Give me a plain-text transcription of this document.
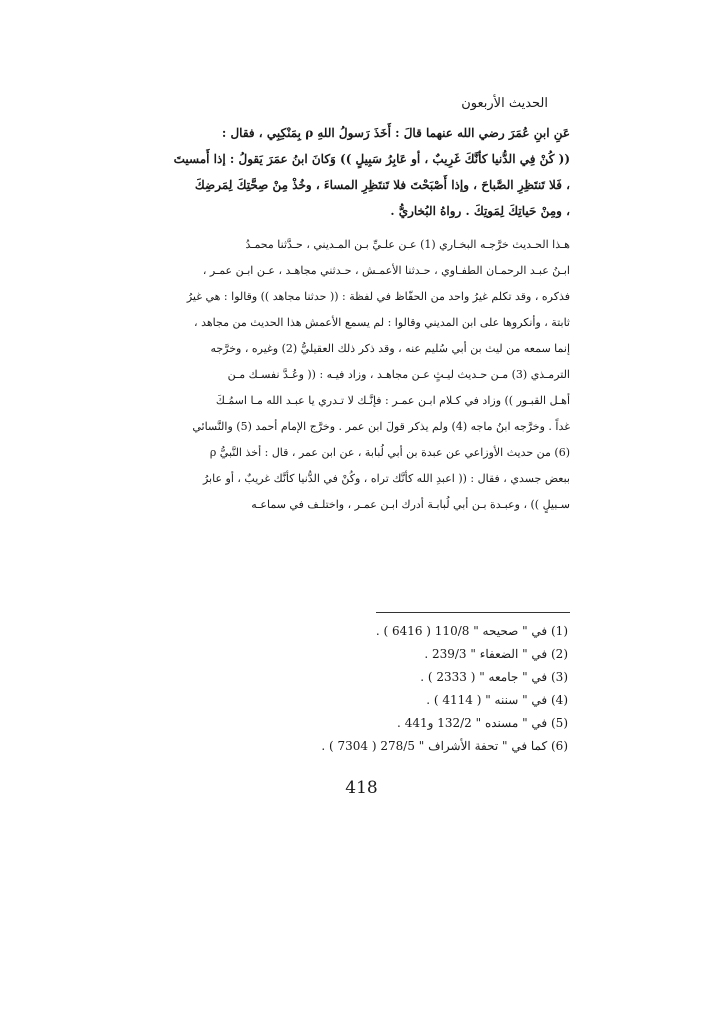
الحديث الأربعون
عَنِ ابنِ عُمَرَ رضي الله عنهما قالَ : أَخَذَ رَسولُ اللهِ ρ بِمَنْكِبِي ، فقال :
(( كُنْ فِي الدُّنيا كأنَّكَ غَرِيبٌ ، أو عَابِرُ سَبِيلٍ )) وَكانَ ابنُ عمَرَ يَقولُ : إذا أَمسيتَ
، فَلا تَنتَظِرِ الصَّباحَ ، وإذا أَصْبَحْتَ فلا تَنتَظِرِ المساءَ ، وخُذْ مِنْ صِحَّتِكَ لِمَرضِكَ
، ومِنْ حَياتِكَ لِمَوتِكَ . رواهُ البُخاريُّ .
هـذا الحـديث خرَّجـه البخـاري (1) عـن علـيِّ بـن المـديني ، حـدَّثنا محمـدُ
ابـنُ عبـد الرحمـان الطفـاوي ، حـدثنا الأعمـش ، حـدثني مجاهـد ، عـن ابـن عمـر ،
فذكره ، وقد تكلم غيرُ واحد من الحفّاظ في لفظة : (( حدثنا مجاهد )) وقالوا : هي غيرُ
ثابتة ، وأنكروها على ابن المديني وقالوا : لم يسمع الأعمش هذا الحديث من مجاهد ،
إنما سمعه من ليث بن أبي سُليم عنه ، وقد ذكر ذلك العقيليُّ (2) وغيره ، وخرَّجه
الترمـذي (3) مـن حـديث ليـثٍ عـن مجاهـد ، وزاد فيـه : (( وعُـدَّ نفسـك مـن
أهـل القبـور )) وزاد في كـلام ابـن عمـر : فإنَّـك لا تـدري يا عبـد الله مـا اسمُـكَ
غداً . وخرَّجه ابنُ ماجه (4) ولم يذكر قولَ ابن عمر . وخرَّج الإمام أحمد (5) والنَّسائي
(6) من حديث الأوزاعي عن عبدة بن أبي لُبابة ، عن ابن عمر ، قال : أخذ النَّبيُّ ρ
ببعض جسدي ، فقال : (( اعبدِ الله كأنَّك تراه ، وكُنْ في الدُّنيا كأنَّك غريبٌ ، أو عابرُ
سـبيلٍ )) ، وعبـدة بـن أبي لُبابـة أدرك ابـن عمـر ، واختلـف في سماعـه
(1) في " صحيحه " 110/8 ( 6416 ) .
(2) في " الضعفاء " 239/3 .
(3) في " جامعه " ( 2333 ) .
(4) في " سننه " ( 4114 ) .
(5) في " مسنده " 132/2 و441 .
(6) كما في " تحفة الأشراف " 278/5 ( 7304 ) .
418
